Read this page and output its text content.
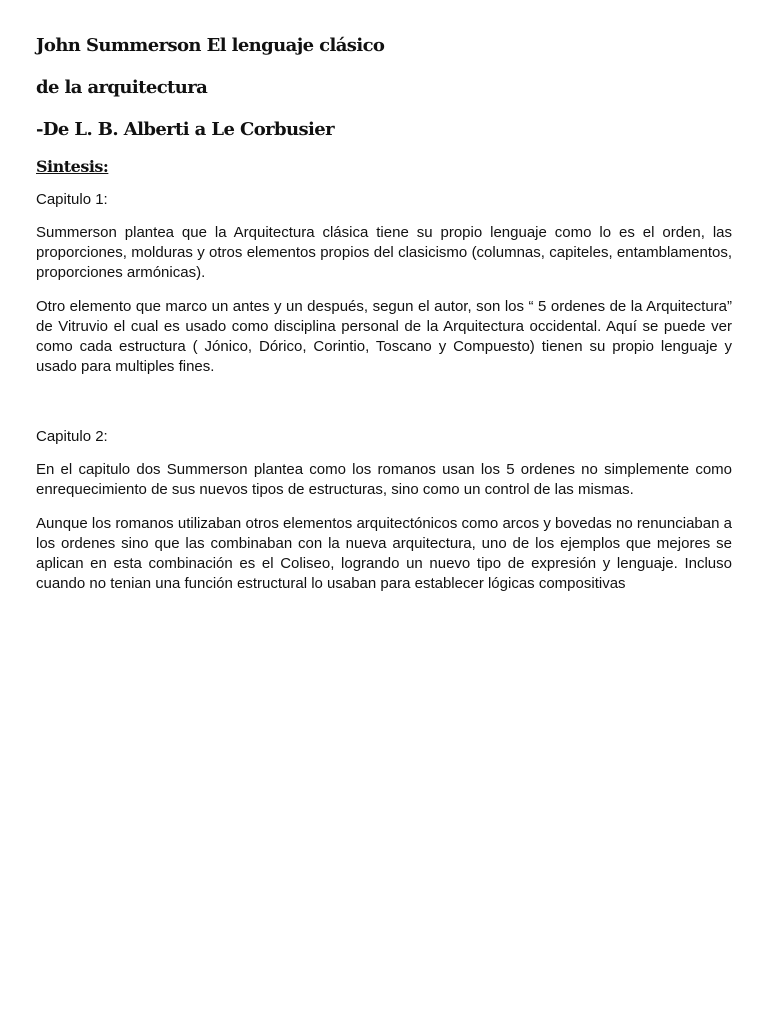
John Summerson El lenguaje clásico
de la arquitectura
-De L. B. Alberti a Le Corbusier
Sintesis:
Capitulo 1:

Summerson plantea que la Arquitectura clásica tiene su propio lenguaje como lo es el orden, las proporciones, molduras y otros elementos propios del clasicismo (columnas, capiteles, entamblamentos, proporciones armónicas).

Otro elemento que marco un antes y un después, segun el autor, son los “ 5 ordenes de la Arquitectura” de Vitruvio el cual es usado como disciplina personal de la Arquitectura occidental. Aquí se puede ver como cada estructura ( Jónico, Dórico, Corintio, Toscano y Compuesto) tienen su propio lenguaje y usado para multiples fines.

Capitulo 2:

En el capitulo dos Summerson plantea como los romanos usan los 5 ordenes no simplemente como enrequecimiento de sus nuevos tipos de estructuras, sino como un control de las mismas.

Aunque los romanos utilizaban otros elementos arquitectónicos como arcos y bovedas no renunciaban a los ordenes sino que las combinaban con la nueva arquitectura, uno de los ejemplos que mejores se aplican en esta combinación es el Coliseo, logrando un nuevo tipo de expresión y lenguaje. Incluso cuando no tenian una función estructural lo usaban para establecer lógicas compositivas
